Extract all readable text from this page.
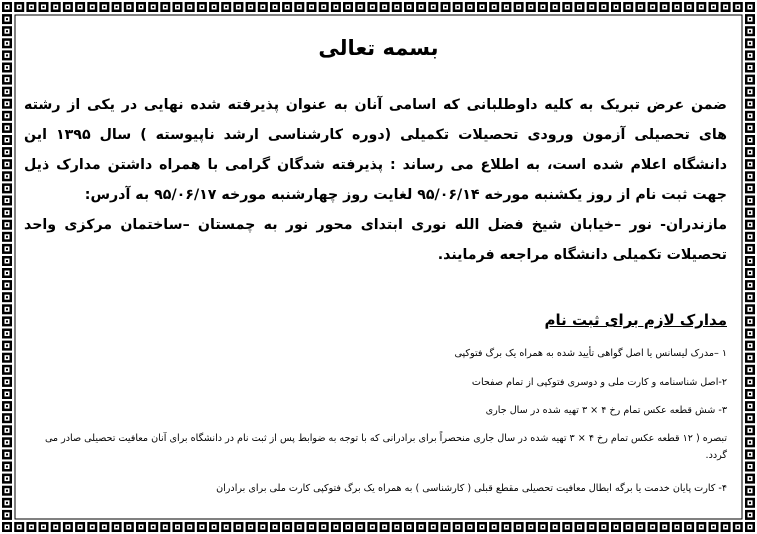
بسمه تعالی

ضمن عرض تبریک به کلیه داوطلبانی که اسامی آنان به عنوان پذیرفته شده نهایی در یکی از رشته های تحصیلی آزمون ورودی تحصیلات تکمیلی (دوره کارشناسی ارشد ناپیوسته ) سال ۱۳۹۵ این دانشگاه اعلام شده است، به اطلاع می رساند : پذیرفته شدگان گرامی با همراه داشتن مدارک ذیل جهت ثبت نام از روز یکشنبه مورخه ۹۵/۰۶/۱۴ لغایت روز چهارشنبه مورخه ۹۵/۰۶/۱۷ به آدرس:

مازندران- نور –خیابان شیخ فضل الله نوری ابتدای محور نور به چمستان –ساختمان مرکزی واحد تحصیلات تکمیلی دانشگاه مراجعه فرمایند.

مدارک لازم برای ثبت نام
۱ –مدرک لیسانس یا اصل گواهی تأیید شده به همراه یک برگ فتوکپی
۲-اصل شناسنامه و کارت ملی و دوسری فتوکپی از تمام صفحات
۳- شش قطعه عکس تمام رخ ۴ × ۳ تهیه شده در سال جاری
تبصره ( ۱۲ قطعه عکس تمام رخ ۴ × ۳ تهیه شده در سال جاری منحصراً برای برادرانی که با توجه به ضوابط پس از ثبت نام در دانشگاه برای آنان معافیت تحصیلی صادر می گردد.
۴- کارت پایان خدمت یا برگه ابطال معافیت تحصیلی مقطع قبلی ( کارشناسی ) به همراه یک برگ فتوکپی کارت ملی برای برادران
